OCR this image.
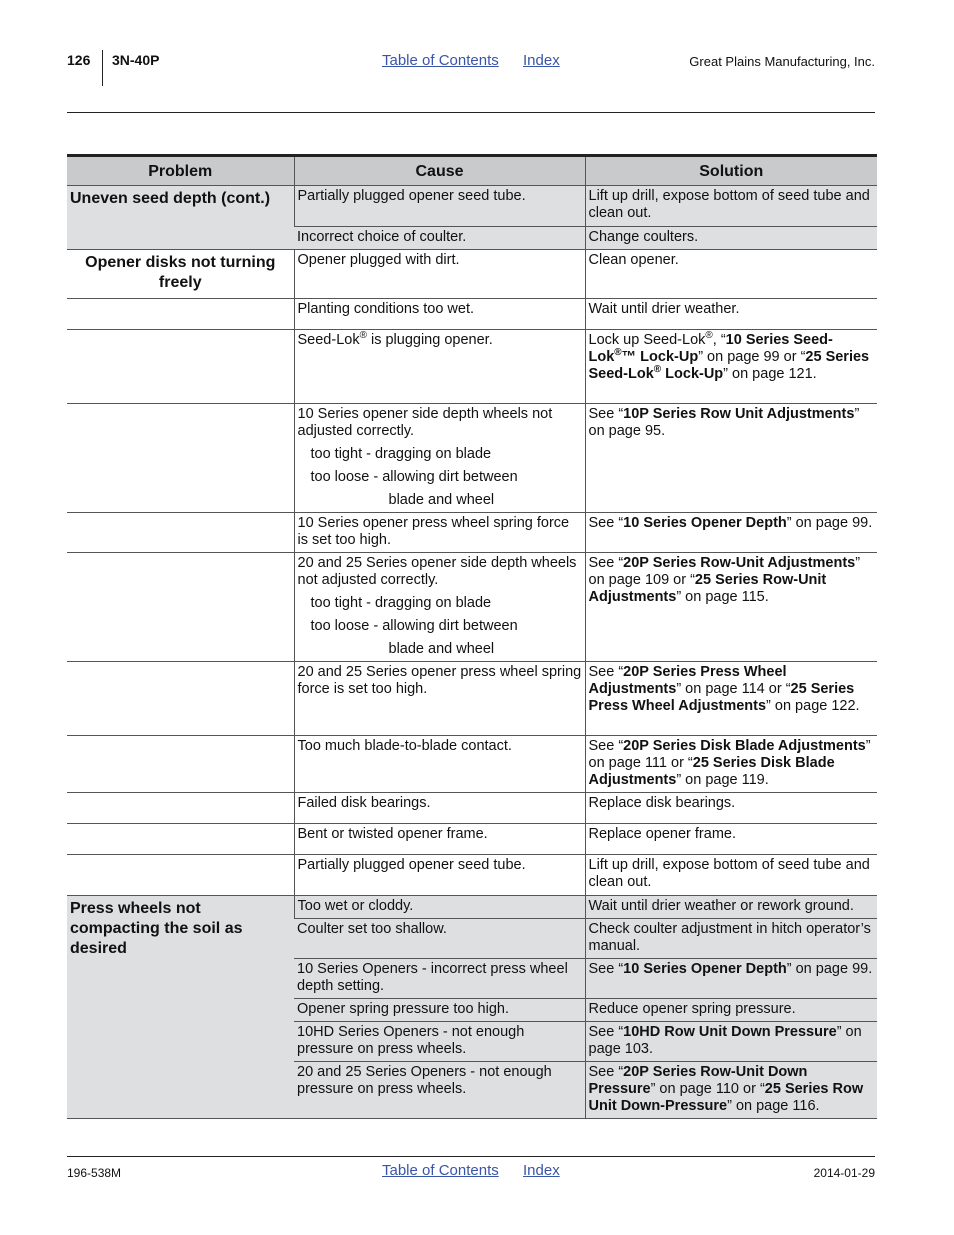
126 3N-40P	Table of Contents Index	Great Plains Manufacturing, Inc.
Problem	Cause	Solution
Uneven seed depth (cont.)	Partially plugged opener seed tube.	Lift up drill, expose bottom of seed tube and clean out.
	Incorrect choice of coulter.	Change coulters.
Opener disks not turning freely	Opener plugged with dirt.	Clean opener.
	Planting conditions too wet.	Wait until drier weather.
	Seed-Lok® is plugging opener.	Lock up Seed-Lok®, “10 Series Seed-Lok®™ Lock-Up” on page 99 or “25 Series Seed-Lok® Lock-Up” on page 121.
	10 Series opener side depth wheels not adjusted correctly.
too tight - dragging on blade
too loose - allowing dirt between
blade and wheel	See “10P Series Row Unit Adjustments” on page 95.
	10 Series opener press wheel spring force is set too high.	See “10 Series Opener Depth” on page 99.
	20 and 25 Series opener side depth wheels not adjusted correctly.
too tight - dragging on blade
too loose - allowing dirt between
blade and wheel	See “20P Series Row-Unit Adjustments” on page 109 or “25 Series Row-Unit Adjustments” on page 115.
	20 and 25 Series opener press wheel spring force is set too high.	See “20P Series Press Wheel Adjustments” on page 114 or “25 Series Press Wheel Adjustments” on page 122.
	Too much blade-to-blade contact.	See “20P Series Disk Blade Adjustments” on page 111 or “25 Series Disk Blade Adjustments” on page 119.
	Failed disk bearings.	Replace disk bearings.
	Bent or twisted opener frame.	Replace opener frame.
	Partially plugged opener seed tube.	Lift up drill, expose bottom of seed tube and clean out.
Press wheels not compacting the soil as desired	Too wet or cloddy.	Wait until drier weather or rework ground.
	Coulter set too shallow.	Check coulter adjustment in hitch operator’s manual.
	10 Series Openers - incorrect press wheel depth setting.	See “10 Series Opener Depth” on page 99.
	Opener spring pressure too high.	Reduce opener spring pressure.
	10HD Series Openers - not enough pressure on press wheels.	See “10HD Row Unit Down Pressure” on page 103.
	20 and 25 Series Openers - not enough pressure on press wheels.	See “20P Series Row-Unit Down Pressure” on page 110 or “25 Series Row Unit Down-Pressure” on page 116.
196-538M	Table of Contents Index	2014-01-29
